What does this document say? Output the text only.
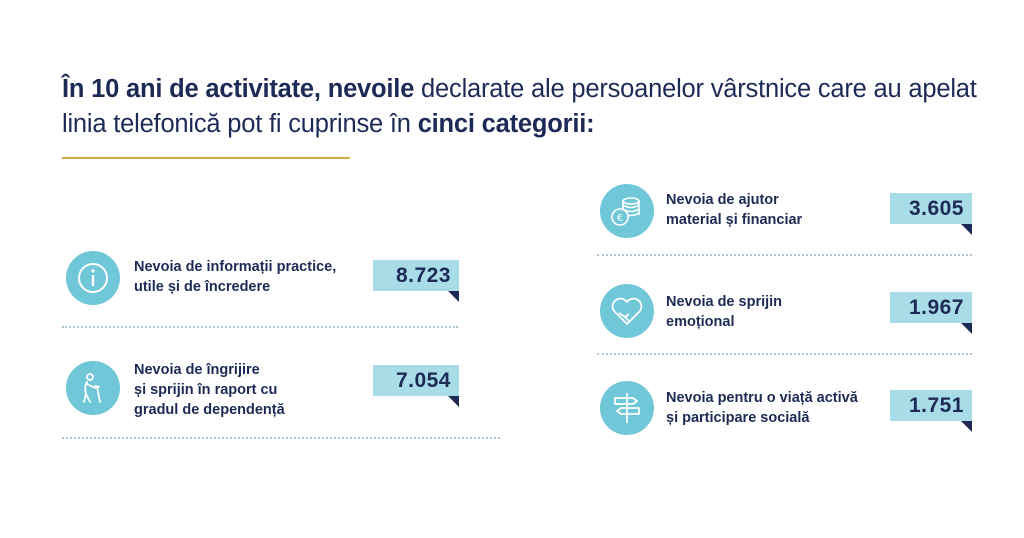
În 10 ani de activitate, nevoile declarate ale persoanelor vârstnice care au apelat linia telefonică pot fi cuprinse în cinci categorii:
Nevoia de informații practice,
utile și de încredere
8.723
Nevoia de îngrijire
și sprijin în raport cu
gradul de dependență
7.054
€
Nevoia de ajutor
material și financiar
3.605
Nevoia de sprijin
emoțional
1.967
Nevoia pentru o viață activă
și participare socială
1.751
